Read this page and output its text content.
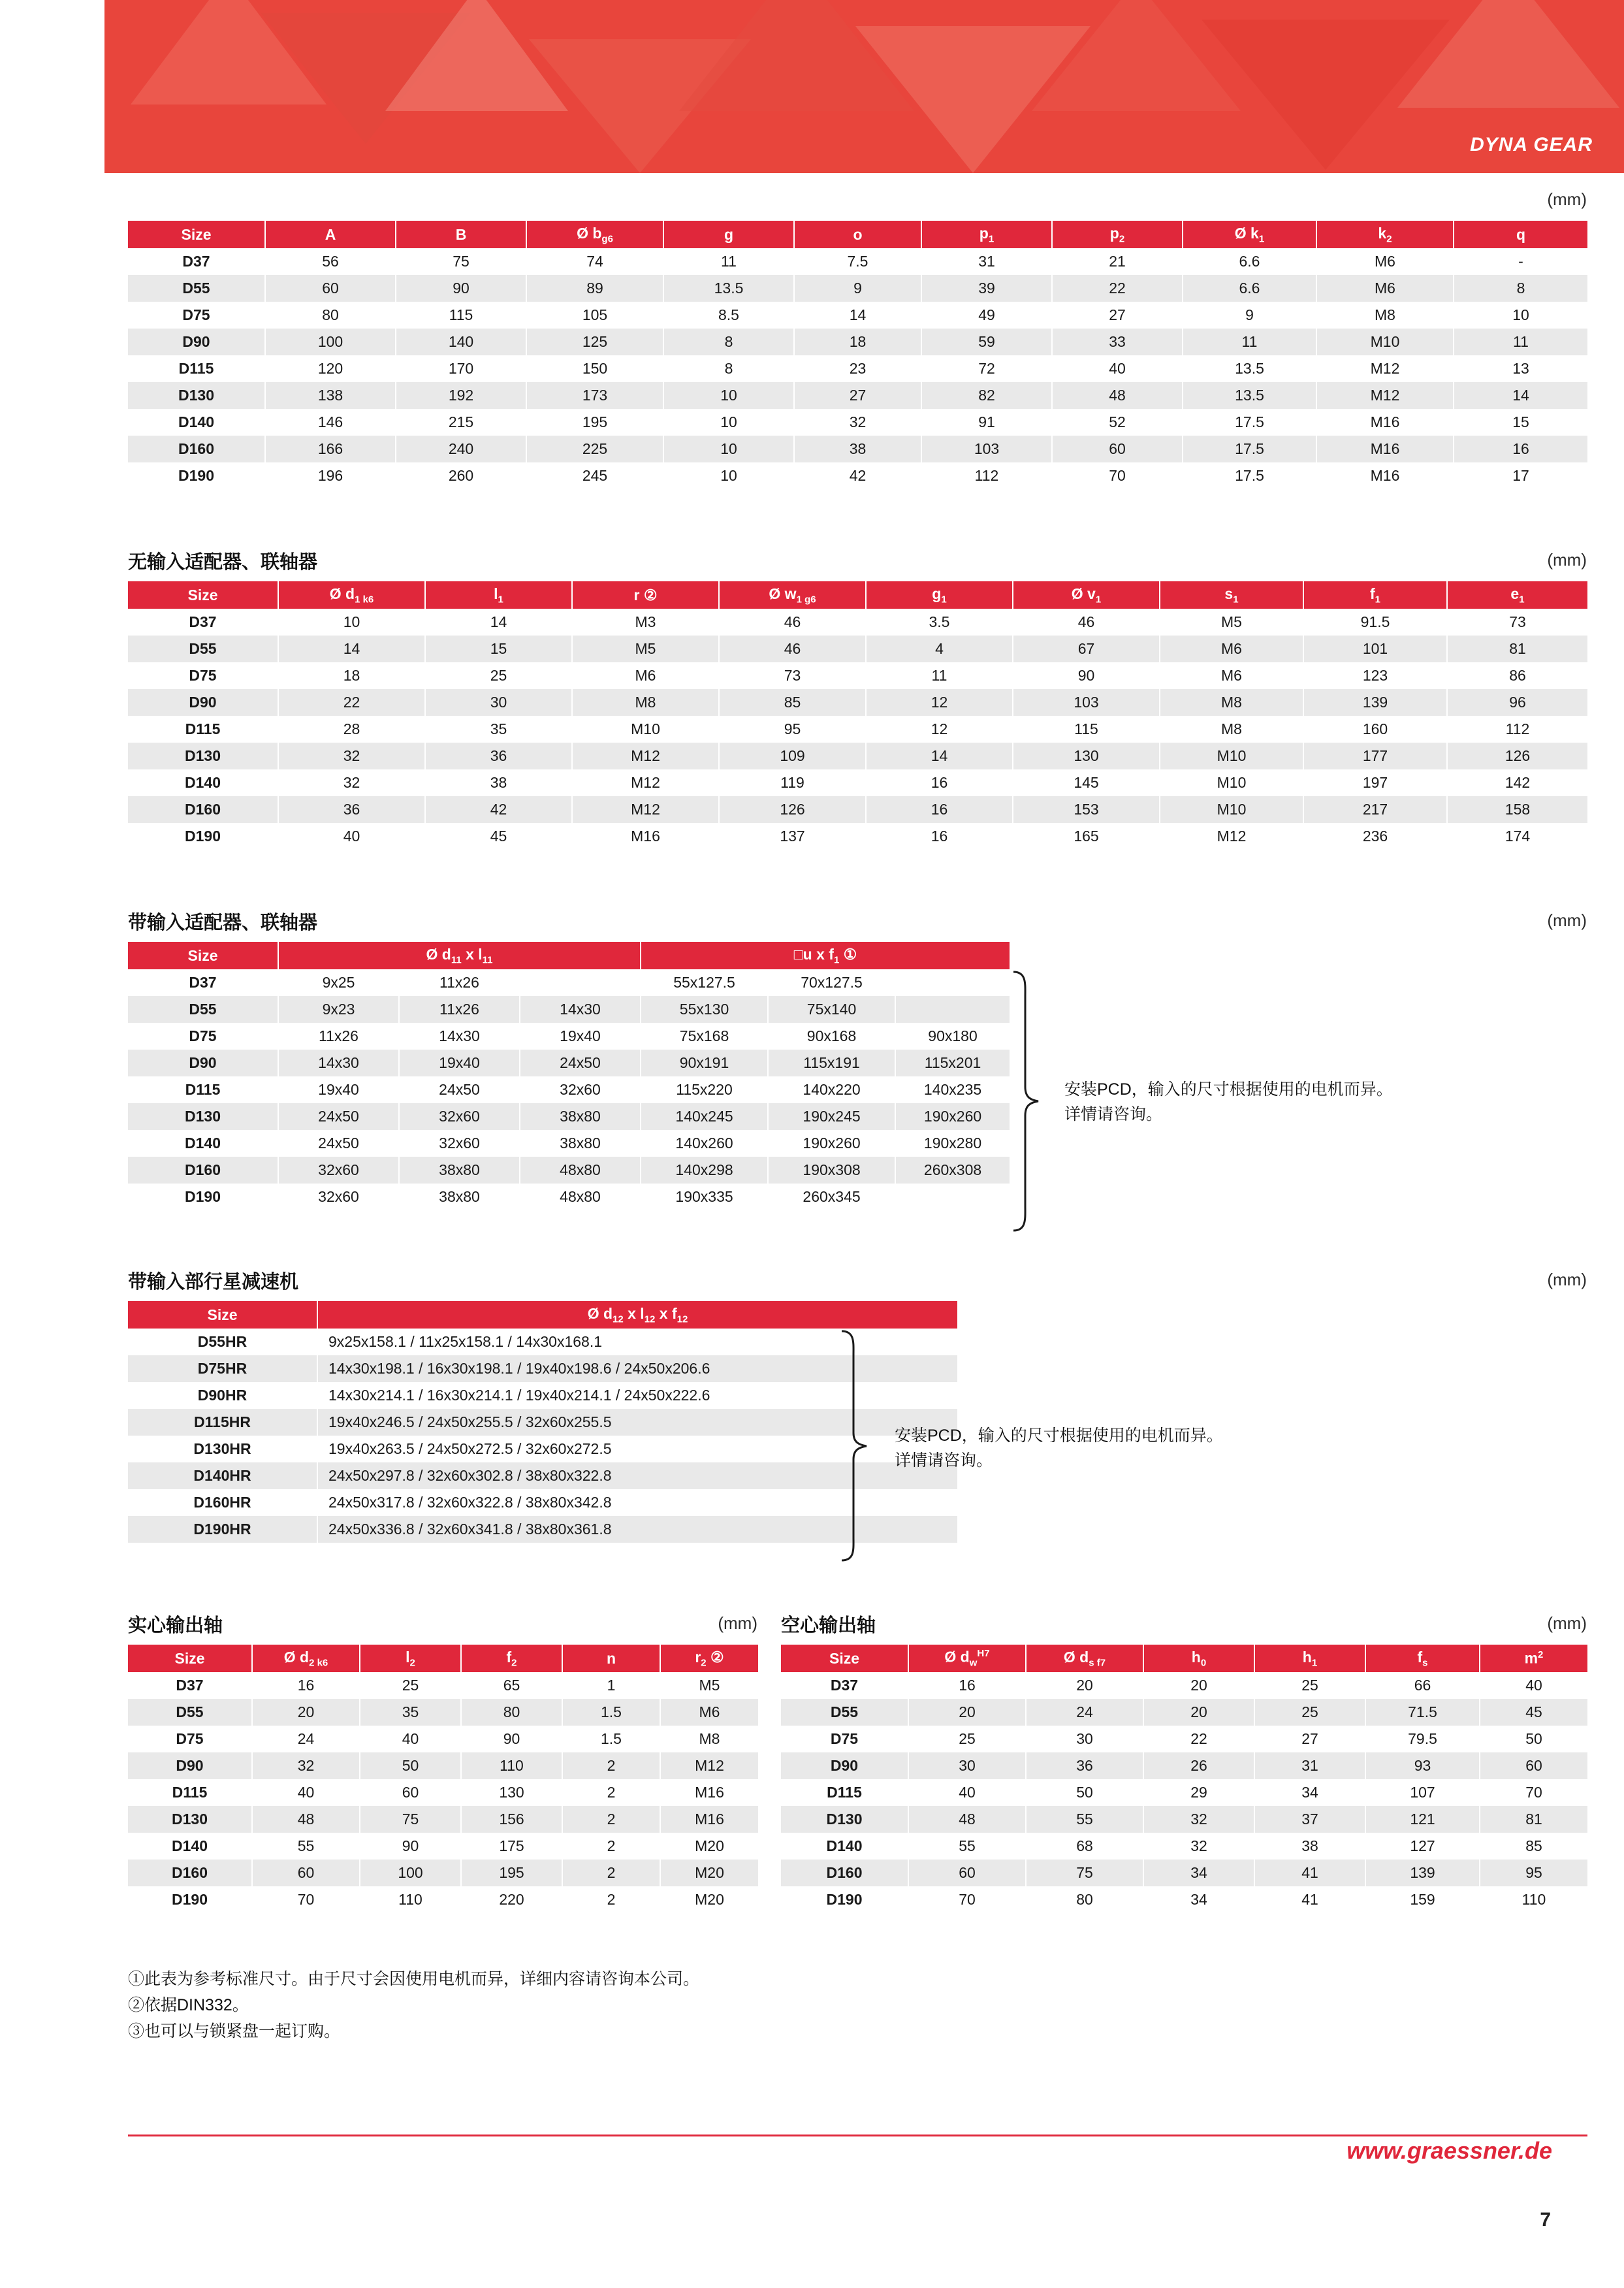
DYNA GEAR
(mm)
Size	A	B	Ø $b_{g6}$	g	o	$p_1$	$p_2$	Ø $k_1$	$k_2$	q
D37	56	75	74	11	7.5	31	21	6.6	M6	-
D55	60	90	89	13.5	9	39	22	6.6	M6	8
D75	80	115	105	8.5	14	49	27	9	M8	10
D90	100	140	125	8	18	59	33	11	M10	11
D115	120	170	150	8	23	72	40	13.5	M12	13
D130	138	192	173	10	27	82	48	13.5	M12	14
D140	146	215	195	10	32	91	52	17.5	M16	15
D160	166	240	225	10	38	103	60	17.5	M16	16
D190	196	260	245	10	42	112	70	17.5	M16	17
无输入适配器、联轴器	(mm)
Size	Ø $d_{1 k6}$	$l_1$	r ②	Ø $w_{1 g6}$	$g_1$	Ø $v_1$	$s_1$	$f_1$	$e_1$
D37	10	14	M3	46	3.5	46	M5	91.5	73
D55	14	15	M5	46	4	67	M6	101	81
D75	18	25	M6	73	11	90	M6	123	86
D90	22	30	M8	85	12	103	M8	139	96
D115	28	35	M10	95	12	115	M8	160	112
D130	32	36	M12	109	14	130	M10	177	126
D140	32	38	M12	119	16	145	M10	197	142
D160	36	42	M12	126	16	153	M10	217	158
D190	40	45	M16	137	16	165	M12	236	174
带输入适配器、联轴器	(mm)
Size	Ø $d_{11}$ x $l_{11}$			□u x $f_1$ ①		
D37	9x25	11x26		55x127.5	70x127.5	
D55	9x23	11x26	14x30	55x130	75x140	
D75	11x26	14x30	19x40	75x168	90x168	90x180
D90	14x30	19x40	24x50	90x191	115x191	115x201
D115	19x40	24x50	32x60	115x220	140x220	140x235
D130	24x50	32x60	38x80	140x245	190x245	190x260
D140	24x50	32x60	38x80	140x260	190x260	190x280
D160	32x60	38x80	48x80	140x298	190x308	260x308
D190	32x60	38x80	48x80	190x335	260x345	
安装PCD，输入的尺寸根据使用的电机而异。
详情请咨询。
带输入部行星减速机	(mm)
Size	Ø $d_{12}$ x $l_{12}$ x $f_{12}$
D55HR	9x25x158.1 / 11x25x158.1 / 14x30x168.1
D75HR	14x30x198.1 / 16x30x198.1 / 19x40x198.6 / 24x50x206.6
D90HR	14x30x214.1 / 16x30x214.1 / 19x40x214.1 / 24x50x222.6
D115HR	19x40x246.5 / 24x50x255.5 / 32x60x255.5
D130HR	19x40x263.5 / 24x50x272.5 / 32x60x272.5
D140HR	24x50x297.8 / 32x60x302.8 / 38x80x322.8
D160HR	24x50x317.8 / 32x60x322.8 / 38x80x342.8
D190HR	24x50x336.8 / 32x60x341.8 / 38x80x361.8
安装PCD，输入的尺寸根据使用的电机而异。
详情请咨询。
实心输出轴	(mm)
Size	Ø $d_{2 k6}$	$l_2$	$f_2$	n	$r_2$ ②
D37	16	25	65	1	M5
D55	20	35	80	1.5	M6
D75	24	40	90	1.5	M8
D90	32	50	110	2	M12
D115	40	60	130	2	M16
D130	48	75	156	2	M16
D140	55	90	175	2	M20
D160	60	100	195	2	M20
D190	70	110	220	2	M20
空心输出轴	(mm)
Size	Ø $d_w^{H7}$	Ø $d_{s f7}$	$h_0$	$h_1$	$f_s$	$m^2$
D37	16	20	20	25	66	40
D55	20	24	20	25	71.5	45
D75	25	30	22	27	79.5	50
D90	30	36	26	31	93	60
D115	40	50	29	34	107	70
D130	48	55	32	37	121	81
D140	55	68	32	38	127	85
D160	60	75	34	41	139	95
D190	70	80	34	41	159	110
①此表为参考标准尺寸。由于尺寸会因使用电机而异，详细内容请咨询本公司。
②依据DIN332。
③也可以与锁紧盘一起订购。
www.graessner.de
7
